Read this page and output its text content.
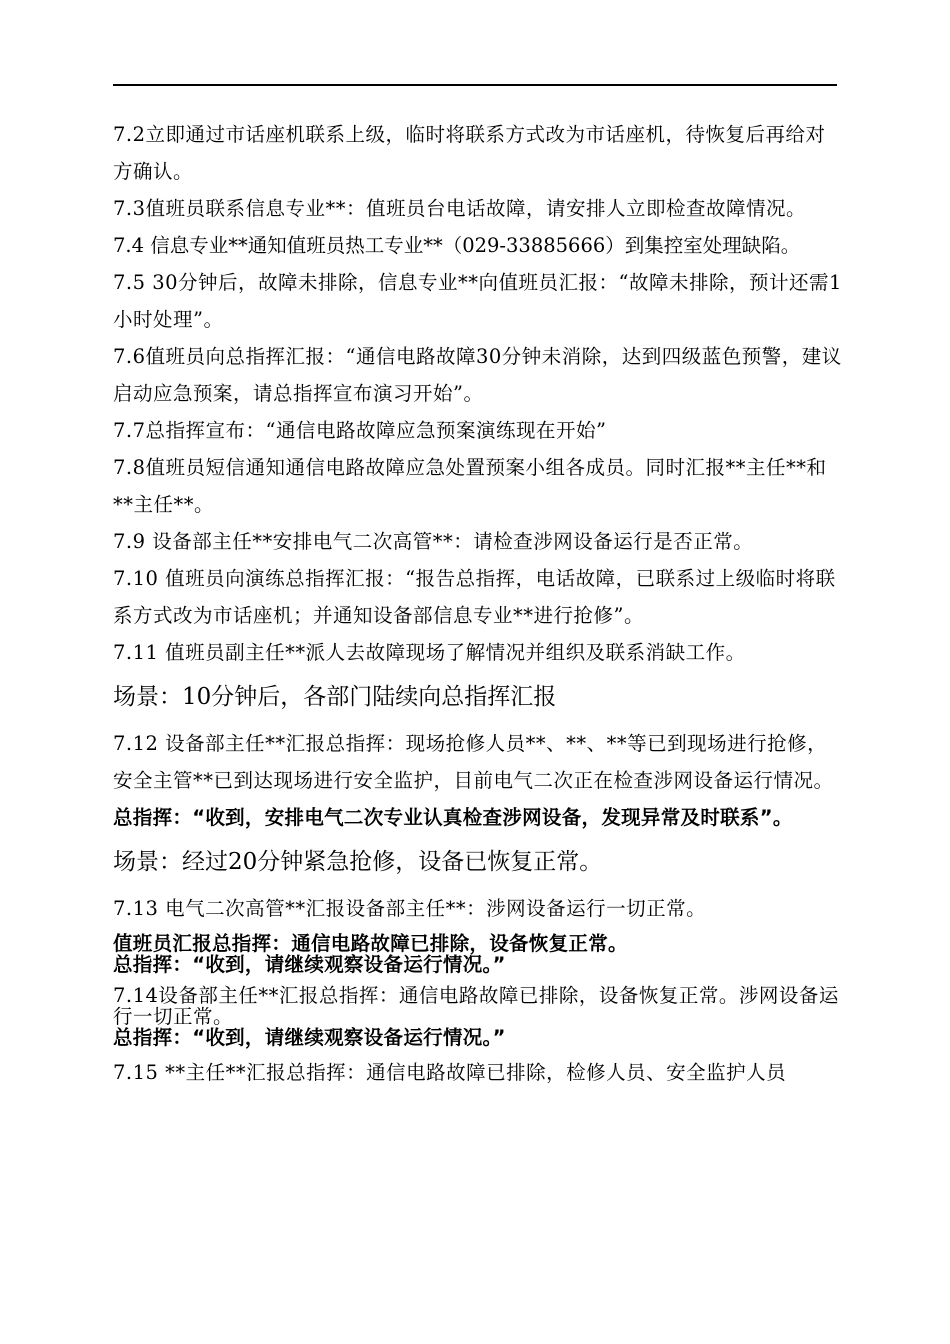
7.2立即通过市话座机联系上级，临时将联系方式改为市话座机，待恢复后再给对方确认。

7.3值班员联系信息专业**：值班员台电话故障，请安排人立即检查故障情况。

7.4 信息专业**通知值班员热工专业**（029-33885666）到集控室处理缺陷。

7.5 30分钟后，故障未排除，信息专业**向值班员汇报：“故障未排除，预计还需1小时处理”。

7.6值班员向总指挥汇报：“通信电路故障30分钟未消除，达到四级蓝色预警，建议启动应急预案，请总指挥宣布演习开始”。

7.7总指挥宣布：“通信电路故障应急预案演练现在开始”

7.8值班员短信通知通信电路故障应急处置预案小组各成员。同时汇报**主任**和**主任**。

7.9 设备部主任**安排电气二次高管**：请检查涉网设备运行是否正常。

7.10 值班员向演练总指挥汇报：“报告总指挥，电话故障，已联系过上级临时将联系方式改为市话座机；并通知设备部信息专业**进行抢修”。

7.11 值班员副主任**派人去故障现场了解情况并组织及联系消缺工作。

场景：10分钟后，各部门陆续向总指挥汇报

7.12 设备部主任**汇报总指挥：现场抢修人员**、**、**等已到现场进行抢修，安全主管**已到达现场进行安全监护，目前电气二次正在检查涉网设备运行情况。

总指挥：“收到，安排电气二次专业认真检查涉网设备，发现异常及时联系”。

场景：经过20分钟紧急抢修，设备已恢复正常。

7.13 电气二次高管**汇报设备部主任**：涉网设备运行一切正常。

值班员汇报总指挥：通信电路故障已排除，设备恢复正常。

总指挥：“收到，请继续观察设备运行情况。”

7.14设备部主任**汇报总指挥：通信电路故障已排除，设备恢复正常。涉网设备运行一切正常。

总指挥：“收到，请继续观察设备运行情况。”

7.15 **主任**汇报总指挥：通信电路故障已排除，检修人员、安全监护人员
